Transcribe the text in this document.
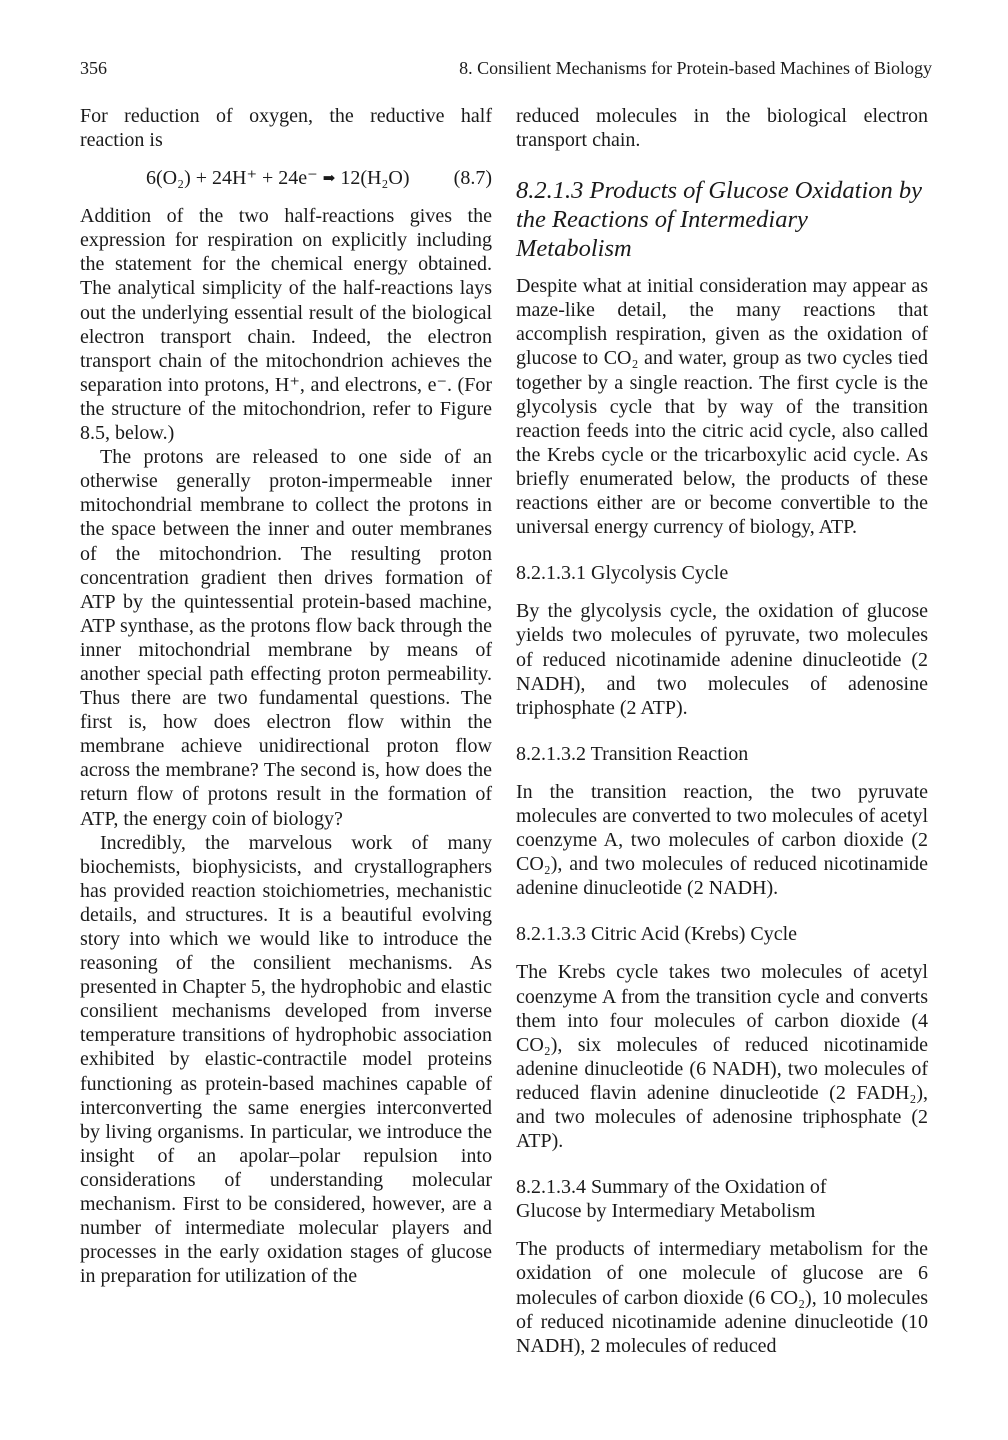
356	8. Consilient Mechanisms for Protein-based Machines of Biology

For reduction of oxygen, the reductive half reaction is

6(O₂) + 24H⁺ + 24e⁻ ➡ 12(H₂O) (8.7)

Addition of the two half-reactions gives the expression for respiration on explicitly including the statement for the chemical energy obtained. The analytical simplicity of the half-reactions lays out the underlying essential result of the biological electron transport chain. Indeed, the electron transport chain of the mitochondrion achieves the separation into protons, H⁺, and electrons, e⁻. (For the structure of the mitochondrion, refer to Figure 8.5, below.)

The protons are released to one side of an otherwise generally proton-impermeable inner mitochondrial membrane to collect the protons in the space between the inner and outer membranes of the mitochondrion. The resulting proton concentration gradient then drives formation of ATP by the quintessential protein-based machine, ATP synthase, as the protons flow back through the inner mitochondrial membrane by means of another special path effecting proton permeability. Thus there are two fundamental questions. The first is, how does electron flow within the membrane achieve unidirectional proton flow across the membrane? The second is, how does the return flow of protons result in the formation of ATP, the energy coin of biology?

Incredibly, the marvelous work of many biochemists, biophysicists, and crystallographers has provided reaction stoichiometries, mechanistic details, and structures. It is a beautiful evolving story into which we would like to introduce the reasoning of the consilient mechanisms. As presented in Chapter 5, the hydrophobic and elastic consilient mechanisms developed from inverse temperature transitions of hydrophobic association exhibited by elastic-contractile model proteins functioning as protein-based machines capable of interconverting the same energies interconverted by living organisms. In particular, we introduce the insight of an apolar–polar repulsion into considerations of understanding molecular mechanism. First to be considered, however, are a number of intermediate molecular players and processes in the early oxidation stages of glucose in preparation for utilization of the

reduced molecules in the biological electron transport chain.

8.2.1.3 Products of Glucose Oxidation by the Reactions of Intermediary Metabolism

Despite what at initial consideration may appear as maze-like detail, the many reactions that accomplish respiration, given as the oxidation of glucose to CO₂ and water, group as two cycles tied together by a single reaction. The first cycle is the glycolysis cycle that by way of the transition reaction feeds into the citric acid cycle, also called the Krebs cycle or the tricarboxylic acid cycle. As briefly enumerated below, the products of these reactions either are or become convertible to the universal energy currency of biology, ATP.

8.2.1.3.1 Glycolysis Cycle

By the glycolysis cycle, the oxidation of glucose yields two molecules of pyruvate, two molecules of reduced nicotinamide adenine dinucleotide (2 NADH), and two molecules of adenosine triphosphate (2 ATP).

8.2.1.3.2 Transition Reaction

In the transition reaction, the two pyruvate molecules are converted to two molecules of acetyl coenzyme A, two molecules of carbon dioxide (2 CO₂), and two molecules of reduced nicotinamide adenine dinucleotide (2 NADH).

8.2.1.3.3 Citric Acid (Krebs) Cycle

The Krebs cycle takes two molecules of acetyl coenzyme A from the transition cycle and converts them into four molecules of carbon dioxide (4 CO₂), six molecules of reduced nicotinamide adenine dinucleotide (6 NADH), two molecules of reduced flavin adenine dinucleotide (2 FADH₂), and two molecules of adenosine triphosphate (2 ATP).

8.2.1.3.4 Summary of the Oxidation of
Glucose by Intermediary Metabolism

The products of intermediary metabolism for the oxidation of one molecule of glucose are 6 molecules of carbon dioxide (6 CO₂), 10 molecules of reduced nicotinamide adenine dinucleotide (10 NADH), 2 molecules of reduced
